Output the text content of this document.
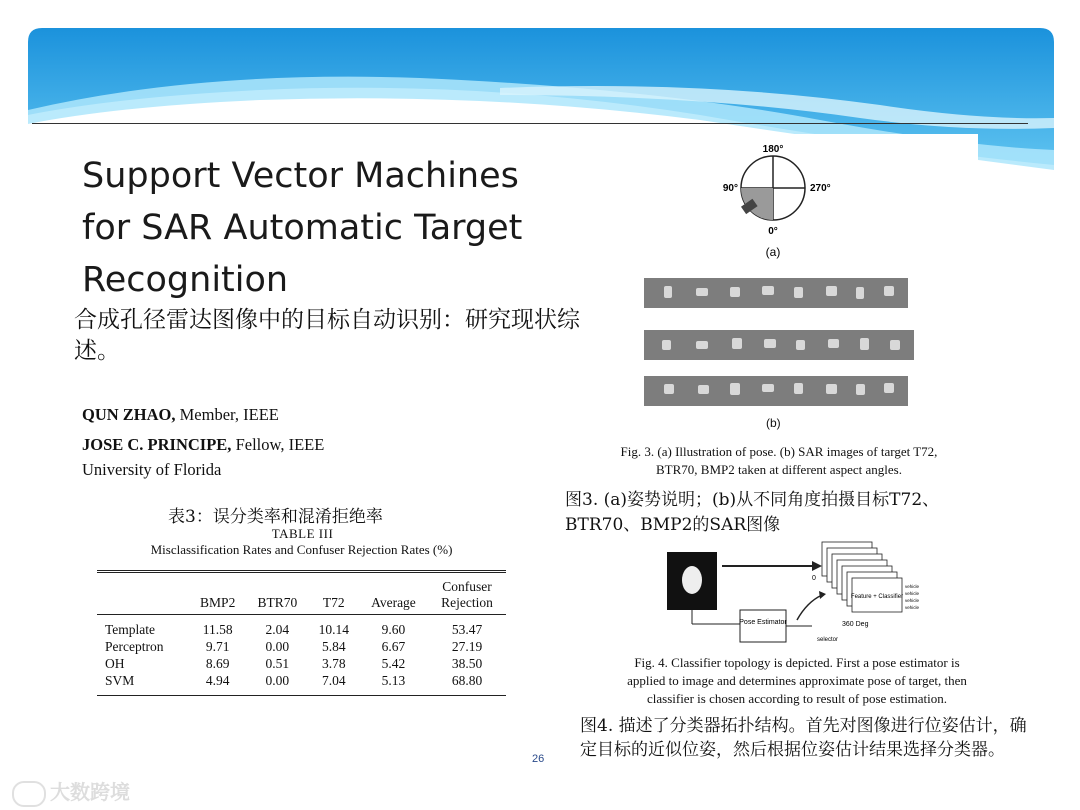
Support Vector Machines
for SAR Automatic Target
Recognition

合成孔径雷达图像中的目标自动识别：研究现状综述。

QUN ZHAO, Member, IEEE
JOSE C. PRINCIPE, Fellow, IEEE
University of Florida
表3：误分类率和混淆拒绝率
TABLE III
Misclassification Rates and Confuser Rejection Rates (%)
	BMP2	BTR70	T72	Average	Confuser Rejection
Template	11.58	2.04	10.14	9.60	53.47
Perceptron	9.71	0.00	5.84	6.67	27.19
OH	8.69	0.51	3.78	5.42	38.50
SVM	4.94	0.00	7.04	5.13	68.80
180°
90°	270°
0°
(a)
(b)
Fig. 3. (a) Illustration of pose. (b) SAR images of target T72,
BTR70, BMP2 taken at different aspect angles.
图3. (a)姿势说明；(b)从不同角度拍摄目标T72、BTR70、BMP2的SAR图像
Pose Estimator
Feature + Classifier
0
360 Deg
selector
vehicle
vehicle
vehicle
vehicle
Fig. 4. Classifier topology is depicted. First a pose estimator is
applied to image and determines approximate pose of target, then
classifier is chosen according to result of pose estimation.
图4. 描述了分类器拓扑结构。首先对图像进行位姿估计，确定目标的近似位姿，然后根据位姿估计结果选择分类器。
26
大数跨境
